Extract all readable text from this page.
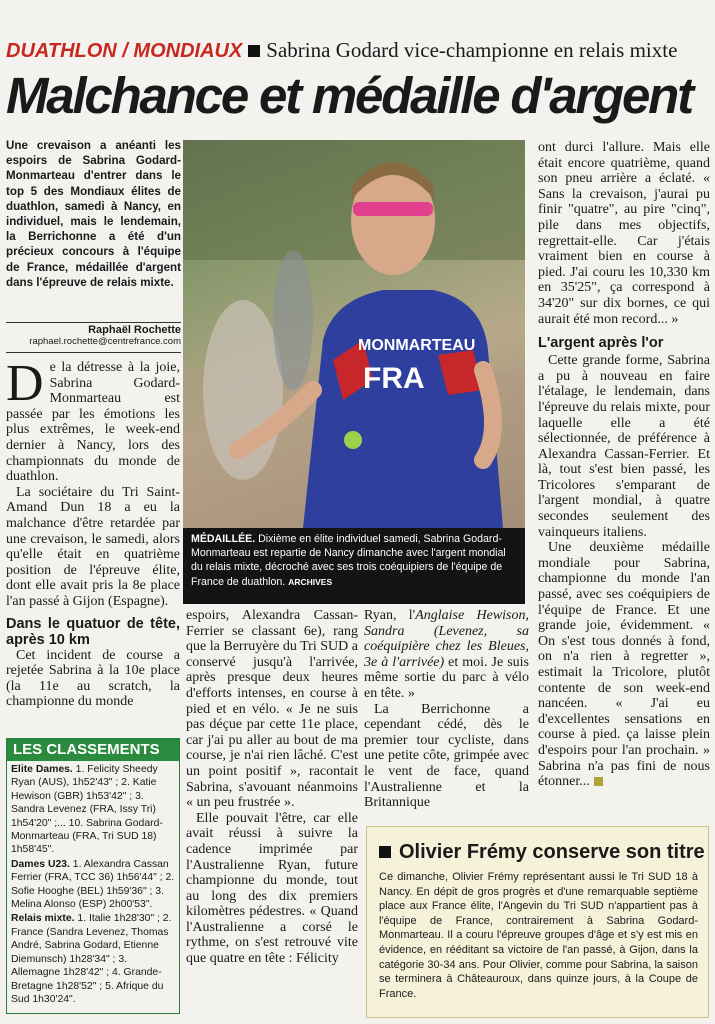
DUATHLON / MONDIAUX Sabrina Godard vice-championne en relais mixte
Malchance et médaille d'argent
Une crevaison a anéanti les espoirs de Sabrina Godard-Monmarteau d'entrer dans le top 5 des Mondiaux élites de duathlon, samedi à Nancy, en individuel, mais le lendemain, la Berrichonne a été d'un précieux concours à l'équipe de France, médaillée d'argent dans l'épreuve de relais mixte.
Raphaël Rochette
raphael.rochette@centrefrance.com

De la détresse à la joie, Sabrina Godard-Monmarteau est passée par les émotions les plus extrêmes, le week-end dernier à Nancy, lors des championnats du monde de duathlon.

La sociétaire du Tri Saint-Amand Dun 18 a eu la malchance d'être retardée par une crevaison, le samedi, alors qu'elle était en quatrième position de l'épreuve élite, dont elle avait pris la 8e place l'an passé à Gijon (Espagne).

Dans le quatuor de tête, après 10 km

Cet incident de course a rejetée Sabrina à la 10e place (la 11e au scratch, la championne du monde

MONMARTEAU
FRA
MÉDAILLÉE. Dixième en élite individuel samedi, Sabrina Godard-Monmarteau est repartie de Nancy dimanche avec l'argent mondial du relais mixte, décroché avec ses trois coéquipiers de l'équipe de France de duathlon. ARCHIVES
LES CLASSEMENTS

Elite Dames. 1. Felicity Sheedy Ryan (AUS), 1h52'43" ; 2. Katie Hewison (GBR) 1h53'42" ; 3. Sandra Levenez (FRA, Issy Tri) 1h54'20" ;... 10. Sabrina Godard-Monmarteau (FRA, Tri SUD 18) 1h58'45".

Dames U23. 1. Alexandra Cassan Ferrier (FRA, TCC 36) 1h56'44" ; 2. Sofie Hooghe (BEL) 1h59'36" ; 3. Melina Alonso (ESP) 2h00'53".

Relais mixte. 1. Italie 1h28'30" ; 2. France (Sandra Levenez, Thomas André, Sabrina Godard, Etienne Diemunsch) 1h28'34" ; 3. Allemagne 1h28'42" ; 4. Grande-Bretagne 1h28'52" ; 5. Afrique du Sud 1h30'24".

espoirs, Alexandra Cassan-Ferrier se classant 6e), rang que la Berruyère du Tri SUD a conservé jusqu'à l'arrivée, après presque deux heures d'efforts intenses, en course à pied et en vélo. « Je ne suis pas déçue par cette 11e place, car j'ai pu aller au bout de ma course, je n'ai rien lâché. C'est un point positif », racontait Sabrina, s'avouant néanmoins « un peu frustrée ».

Elle pouvait l'être, car elle avait réussi à suivre la cadence imprimée par l'Australienne Ryan, future championne du monde, tout au long des dix premiers kilomètres pédestres. « Quand l'Australienne a corsé le rythme, on s'est retrouvé vite que quatre en tête : Félicity

Ryan, l'Anglaise Hewison, Sandra (Levenez, sa coéquipière chez les Bleues, 3e à l'arrivée) et moi. Je suis même sortie du parc à vélo en tête. »

La Berrichonne a cependant cédé, dès le premier tour cycliste, dans une petite côte, grimpée avec le vent de face, quand l'Australienne et la Britannique

ont durci l'allure. Mais elle était encore quatrième, quand son pneu arrière a éclaté. « Sans la crevaison, j'aurai pu finir "quatre", au pire "cinq", pile dans mes objectifs, regrettait-elle. Car j'étais vraiment bien en course à pied. J'ai couru les 10,330 km en 35'25", ça correspond à 34'20" sur dix bornes, ce qui aurait été mon record... »

L'argent après l'or

Cette grande forme, Sabrina a pu à nouveau en faire l'étalage, le lendemain, dans l'épreuve du relais mixte, pour laquelle elle a été sélectionnée, de préférence à Alexandra Cassan-Ferrier. Et là, tout s'est bien passé, les Tricolores s'emparant de l'argent mondial, à quatre secondes seulement des vainqueurs italiens.

Une deuxième médaille mondiale pour Sabrina, championne du monde l'an passé, avec ses coéquipiers de l'équipe de France. Et une grande joie, évidemment. « On s'est tous donnés à fond, on n'a rien à regretter », estimait la Tricolore, plutôt contente de son week-end nancéen. « J'ai eu d'excellentes sensations en course à pied. ça laisse plein d'espoirs pour l'an prochain. » Sabrina n'a pas fini de nous étonner...

Olivier Frémy conserve son titre
Ce dimanche, Olivier Frémy représentant aussi le Tri SUD 18 à Nancy. En dépit de gros progrès et d'une remarquable septième place aux France élite, l'Angevin du Tri SUD n'appartient pas à l'équipe de France, contrairement à Sabrina Godard-Monmarteau. Il a couru l'épreuve groupes d'âge et s'y est mis en évidence, en rééditant sa victoire de l'an passé, à Gijon, dans la catégorie 30-34 ans. Pour Olivier, comme pour Sabrina, la saison se terminera à Châteauroux, dans quinze jours, à la Coupe de France.
